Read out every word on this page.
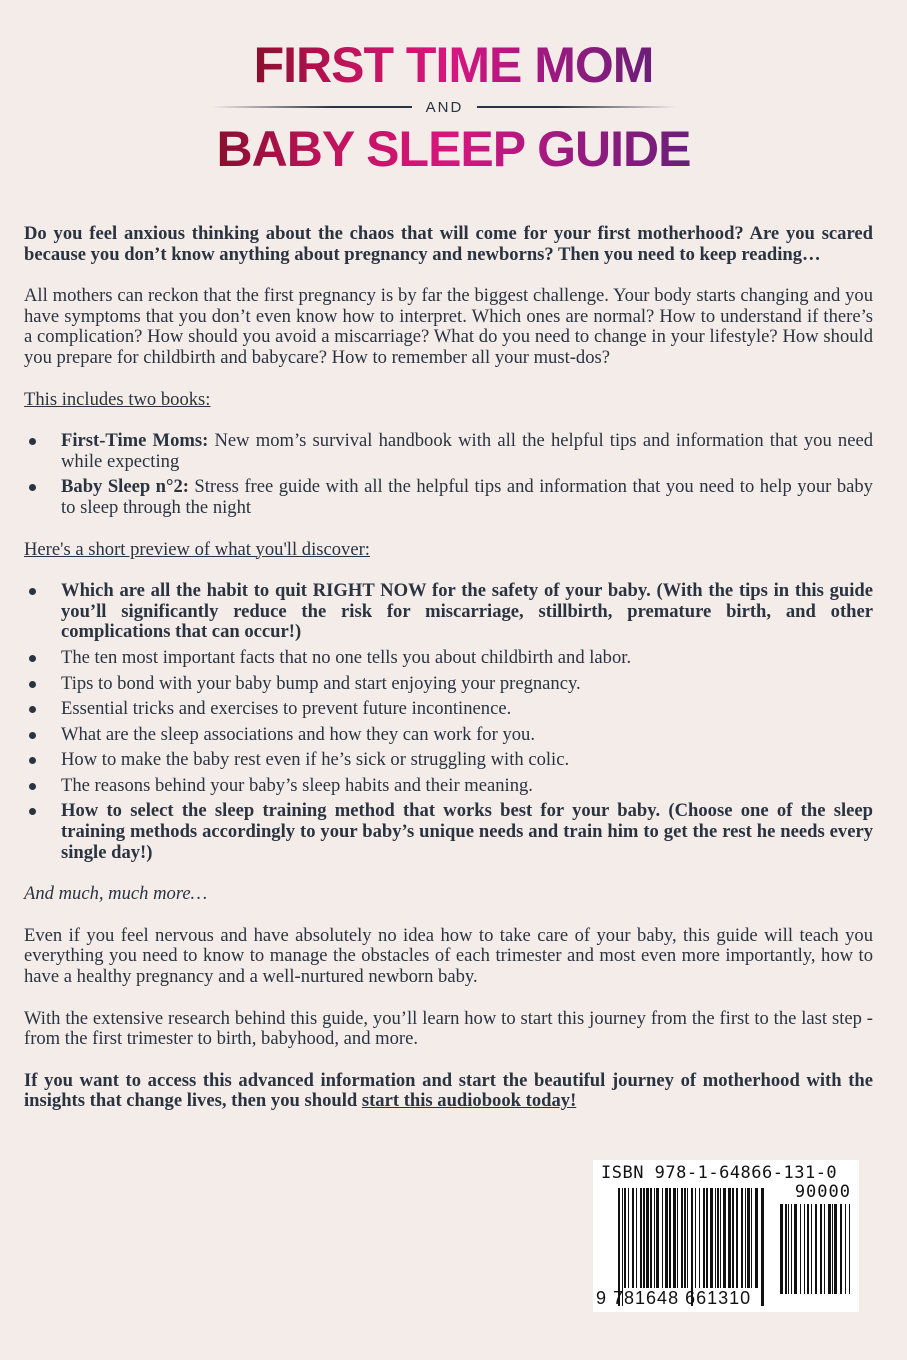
FIRST TIME MOM
AND
BABY SLEEP GUIDE

Do you feel anxious thinking about the chaos that will come for your first motherhood? Are you scared because you don’t know anything about pregnancy and newborns? Then you need to keep reading…

All mothers can reckon that the first pregnancy is by far the biggest challenge. Your body starts changing and you have symptoms that you don’t even know how to interpret. Which ones are normal? How to understand if there’s a complication? How should you avoid a miscarriage? What do you need to change in your lifestyle? How should you prepare for childbirth and babycare? How to remember all your must-dos?

This includes two books:

First-Time Moms: New mom’s survival handbook with all the helpful tips and information that you need while expecting
Baby Sleep n°2: Stress free guide with all the helpful tips and information that you need to help your baby to sleep through the night

Here's a short preview of what you'll discover:

Which are all the habit to quit RIGHT NOW for the safety of your baby. (With the tips in this guide you’ll significantly reduce the risk for miscarriage, stillbirth, premature birth, and other complications that can occur!)
The ten most important facts that no one tells you about childbirth and labor.
Tips to bond with your baby bump and start enjoying your pregnancy.
Essential tricks and exercises to prevent future incontinence.
What are the sleep associations and how they can work for you.
How to make the baby rest even if he’s sick or struggling with colic.
The reasons behind your baby’s sleep habits and their meaning.
How to select the sleep training method that works best for your baby. (Choose one of the sleep training methods accordingly to your baby’s unique needs and train him to get the rest he needs every single day!)

And much, much more…

Even if you feel nervous and have absolutely no idea how to take care of your baby, this guide will teach you everything you need to know to manage the obstacles of each trimester and most even more importantly, how to have a healthy pregnancy and a well-nurtured newborn baby.

With the extensive research behind this guide, you’ll learn how to start this journey from the first to the last step - from the first trimester to birth, babyhood, and more.

If you want to access this advanced information and start the beautiful journey of motherhood with the insights that change lives, then you should start this audiobook today!

ISBN 978-1-64866-131-0
90000
9 781648 661310
